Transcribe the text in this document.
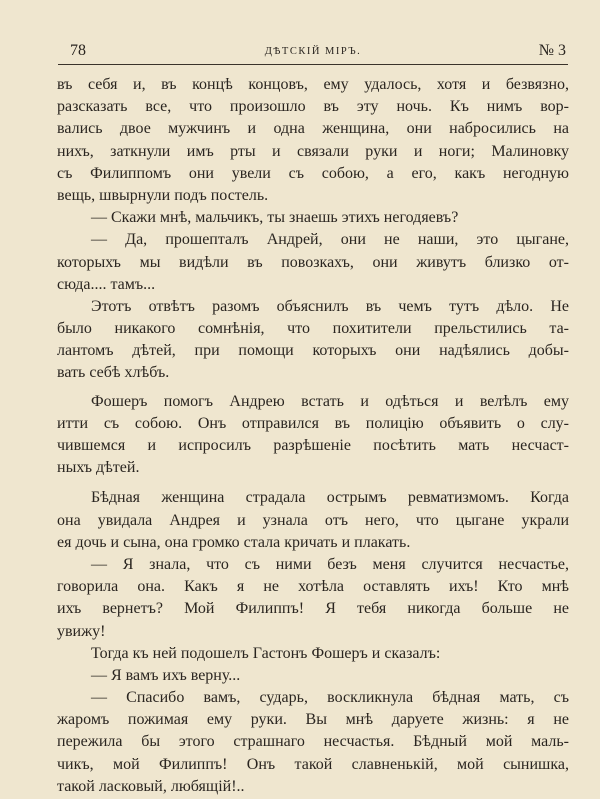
78	ДѢТСКІЙ МІРЪ.	№ 3
въ себя и, въ концѣ концовъ, ему удалось, хотя и безвязно,
разсказать все, что произошло въ эту ночь. Къ нимъ вор-
вались двое мужчинъ и одна женщина, они набросились на
нихъ, заткнули имъ рты и связали руки и ноги; Малиновку
съ Филиппомъ они увели съ собою, а его, какъ негодную
вещь, швырнули подъ постель.
— Скажи мнѣ, мальчикъ, ты знаешь этихъ негодяевъ?
— Да, прошепталъ Андрей, они не наши, это цыгане,
которыхъ мы видѣли въ повозкахъ, они живутъ близко от-
сюда.... тамъ...
Этотъ отвѣтъ разомъ объяснилъ въ чемъ тутъ дѣло. Не
было никакого сомнѣнія, что похитители прельстились та-
лантомъ дѣтей, при помощи которыхъ они надѣялись добы-
вать себѣ хлѣбъ.
Фошеръ помогъ Андрею встать и одѣться и велѣлъ ему
итти съ собою. Онъ отправился въ полицію объявить о слу-
чившемся и испросилъ разрѣшеніе посѣтить мать несчаст-
ныхъ дѣтей.
Бѣдная женщина страдала острымъ ревматизмомъ. Когда
она увидала Андрея и узнала отъ него, что цыгане украли
ея дочь и сына, она громко стала кричать и плакать.
— Я знала, что съ ними безъ меня случится несчастье,
говорила она. Какъ я не хотѣла оставлять ихъ! Кто мнѣ
ихъ вернетъ? Мой Филиппъ! Я тебя никогда больше не
увижу!
Тогда къ ней подошелъ Гастонъ Фошеръ и сказалъ:
— Я вамъ ихъ верну...
— Спасибо вамъ, сударь, воскликнула бѣдная мать, съ
жаромъ пожимая ему руки. Вы мнѣ даруете жизнь: я не
пережила бы этого страшнаго несчастья. Бѣдный мой маль-
чикъ, мой Филиппъ! Онъ такой славненькій, мой сынишка,
такой ласковый, любящій!..
